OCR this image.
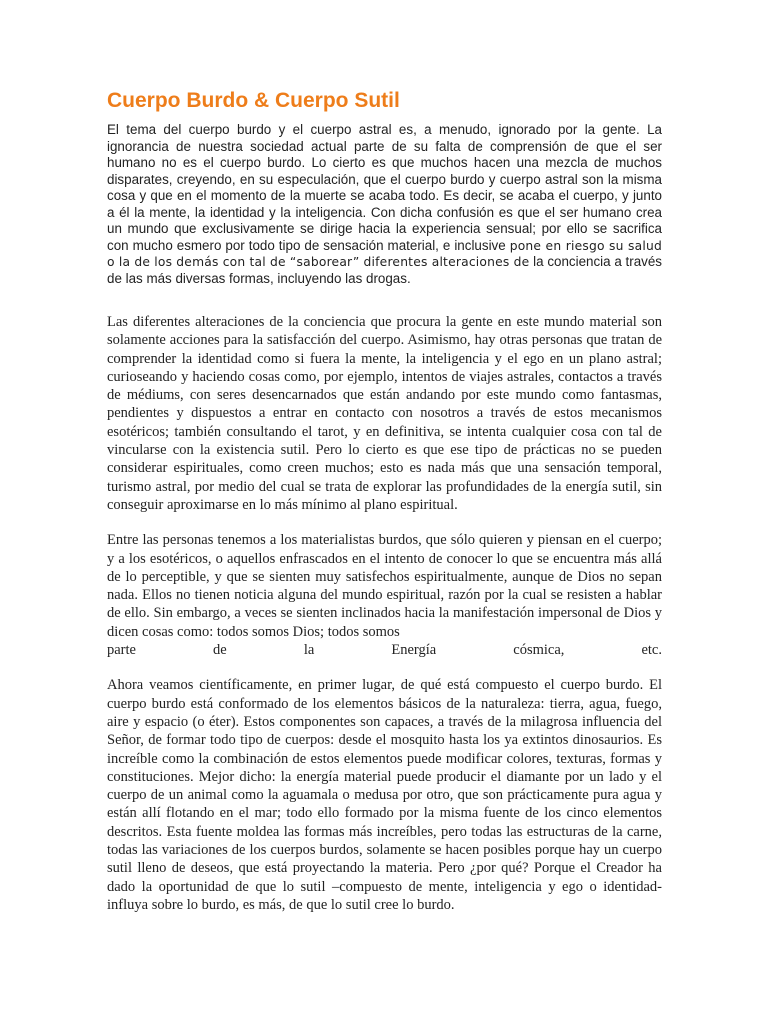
Cuerpo Burdo & Cuerpo Sutil

El tema del cuerpo burdo y el cuerpo astral es, a menudo, ignorado por la gente. La ignorancia de nuestra sociedad actual parte de su falta de comprensión de que el ser humano no es el cuerpo burdo. Lo cierto es que muchos hacen una mezcla de muchos disparates, creyendo, en su especulación, que el cuerpo burdo y cuerpo astral son la misma cosa y que en el momento de la muerte se acaba todo. Es decir, se acaba el cuerpo, y junto a él la mente, la identidad y la inteligencia. Con dicha confusión es que el ser humano crea un mundo que exclusivamente se dirige hacia la experiencia sensual; por ello se sacrifica con mucho esmero por todo tipo de sensación material, e inclusive pone en riesgo su salud o la de los demás con tal de “saborear” diferentes alteraciones de la conciencia a través de las más diversas formas, incluyendo las drogas.

Las diferentes alteraciones de la conciencia que procura la gente en este mundo material son solamente acciones para la satisfacción del cuerpo. Asimismo, hay otras personas que tratan de comprender la identidad como si fuera la mente, la inteligencia y el ego en un plano astral; curioseando y haciendo cosas como, por ejemplo, intentos de viajes astrales, contactos a través de médiums, con seres desencarnados que están andando por este mundo como fantasmas, pendientes y dispuestos a entrar en contacto con nosotros a través de estos mecanismos esotéricos; también consultando el tarot, y en definitiva, se intenta cualquier cosa con tal de vincularse con la existencia sutil. Pero lo cierto es que ese tipo de prácticas no se pueden considerar espirituales, como creen muchos; esto es nada más que una sensación temporal, turismo astral, por medio del cual se trata de explorar las profundidades de la energía sutil, sin conseguir aproximarse en lo más mínimo al plano espiritual.

Entre las personas tenemos a los materialistas burdos, que sólo quieren y piensan en el cuerpo; y a los esotéricos, o aquellos enfrascados en el intento de conocer lo que se encuentra más allá de lo perceptible, y que se sienten muy satisfechos espiritualmente, aunque de Dios no sepan nada. Ellos no tienen noticia alguna del mundo espiritual, razón por la cual se resisten a hablar de ello. Sin embargo, a veces se sienten inclinados hacia la manifestación impersonal de Dios y dicen cosas como: todos somos Dios; todos somos
parte de la Energía cósmica, etc.

Ahora veamos científicamente, en primer lugar, de qué está compuesto el cuerpo burdo. El cuerpo burdo está conformado de los elementos básicos de la naturaleza: tierra, agua, fuego, aire y espacio (o éter). Estos componentes son capaces, a través de la milagrosa influencia del Señor, de formar todo tipo de cuerpos: desde el mosquito hasta los ya extintos dinosaurios. Es increíble como la combinación de estos elementos puede modificar colores, texturas, formas y constituciones. Mejor dicho: la energía material puede producir el diamante por un lado y el cuerpo de un animal como la aguamala o medusa por otro, que son prácticamente pura agua y están allí flotando en el mar; todo ello formado por la misma fuente de los cinco elementos descritos. Esta fuente moldea las formas más increíbles, pero todas las estructuras de la carne, todas las variaciones de los cuerpos burdos, solamente se hacen posibles porque hay un cuerpo sutil lleno de deseos, que está proyectando la materia. Pero ¿por qué? Porque el Creador ha dado la oportunidad de que lo sutil –compuesto de mente, inteligencia y ego o identidad- influya sobre lo burdo, es más, de que lo sutil cree lo burdo.
